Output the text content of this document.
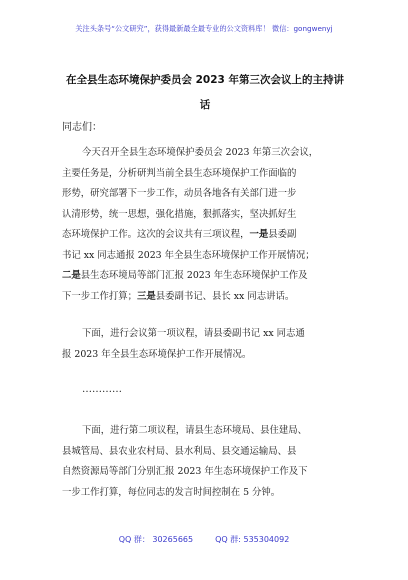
关注头条号“公文研究”，获得最新最全最专业的公文资料库！ 微信：gongwenyj
在全县生态环境保护委员会 2023 年第三次会议上的主持讲
话
同志们：
今天召开全县生态环境保护委员会 2023 年第三次会议，
主要任务是，分析研判当前全县生态环境保护工作面临的
形势，研究部署下一步工作，动员各地各有关部门进一步
认清形势，统一思想，强化措施，狠抓落实，坚决抓好生
态环境保护工作。这次的会议共有三项议程，一是县委副
书记 xx 同志通报 2023 年全县生态环境保护工作开展情况；
二是县生态环境局等部门汇报 2023 年生态环境保护工作及
下一步工作打算；三是县委副书记、县长 xx 同志讲话。
下面，进行会议第一项议程，请县委副书记 xx 同志通
报 2023 年全县生态环境保护工作开展情况。
…………
下面，进行第二项议程，请县生态环境局、县住建局、
县城管局、县农业农村局、县水利局、县交通运输局、县
自然资源局等部门分别汇报 2023 年生态环境保护工作及下
一步工作打算，每位同志的发言时间控制在 5 分钟。
QQ 群： 30265665	QQ 群: 535304092
